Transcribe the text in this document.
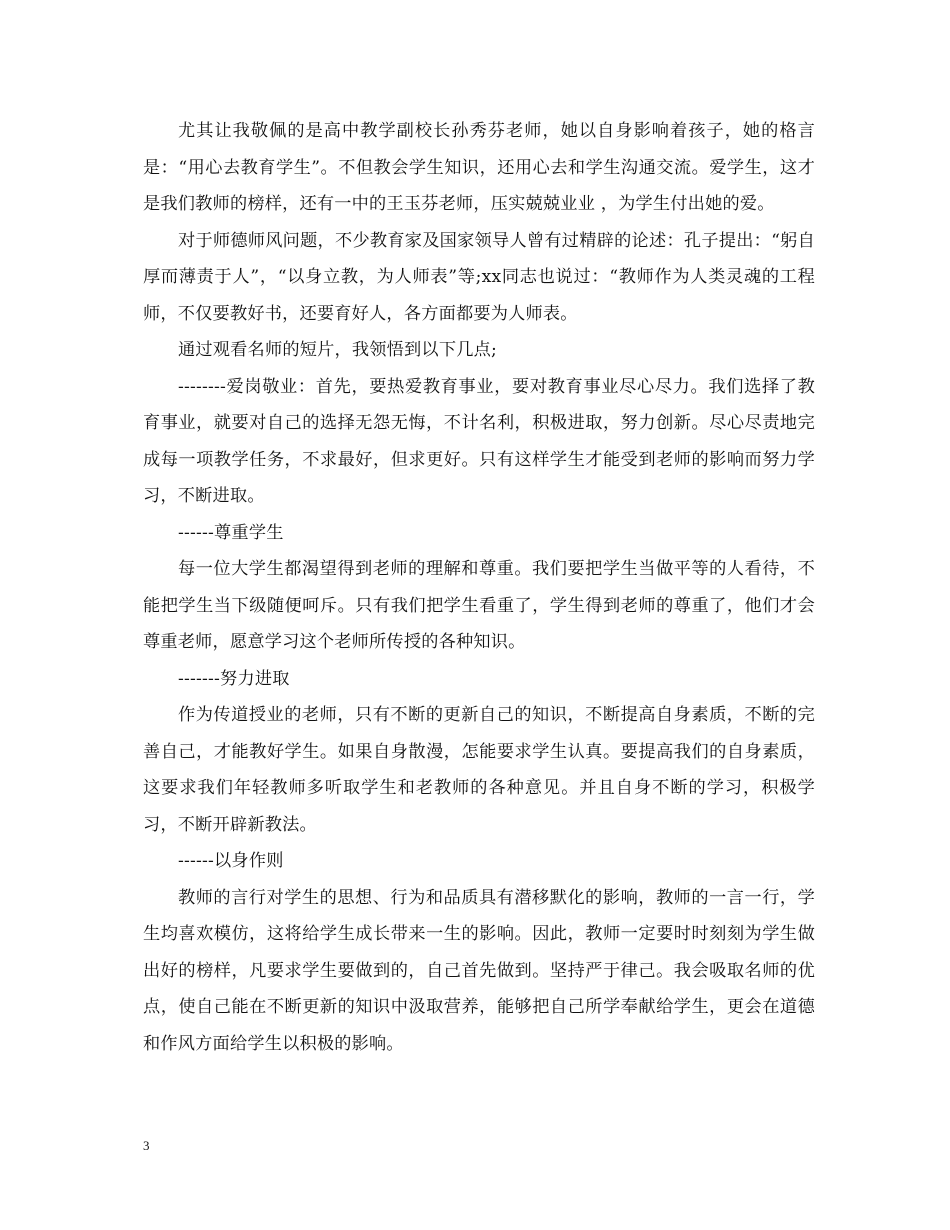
尤其让我敬佩的是高中教学副校长孙秀芬老师，她以自身影响着孩子，她的格言是：“用心去教育学生”。不但教会学生知识，还用心去和学生沟通交流。爱学生，这才是我们教师的榜样，还有一中的王玉芬老师，压实兢兢业业 ，为学生付出她的爱。

对于师德师风问题，不少教育家及国家领导人曾有过精辟的论述：孔子提出：“躬自厚而薄责于人”，“以身立教，为人师表”等;xx同志也说过：“教师作为人类灵魂的工程师，不仅要教好书，还要育好人，各方面都要为人师表。

通过观看名师的短片，我领悟到以下几点;

--------爱岗敬业：首先，要热爱教育事业，要对教育事业尽心尽力。我们选择了教育事业，就要对自己的选择无怨无悔，不计名利，积极进取，努力创新。尽心尽责地完成每一项教学任务，不求最好，但求更好。只有这样学生才能受到老师的影响而努力学习，不断进取。

------尊重学生

每一位大学生都渴望得到老师的理解和尊重。我们要把学生当做平等的人看待，不能把学生当下级随便呵斥。只有我们把学生看重了，学生得到老师的尊重了，他们才会尊重老师，愿意学习这个老师所传授的各种知识。

-------努力进取

作为传道授业的老师，只有不断的更新自己的知识，不断提高自身素质，不断的完善自己，才能教好学生。如果自身散漫，怎能要求学生认真。要提高我们的自身素质，这要求我们年轻教师多听取学生和老教师的各种意见。并且自身不断的学习，积极学习，不断开辟新教法。

------以身作则

教师的言行对学生的思想、行为和品质具有潜移默化的影响，教师的一言一行，学生均喜欢模仿，这将给学生成长带来一生的影响。因此，教师一定要时时刻刻为学生做出好的榜样，凡要求学生要做到的，自己首先做到。坚持严于律己。我会吸取名师的优点，使自己能在不断更新的知识中汲取营养，能够把自己所学奉献给学生，更会在道德和作风方面给学生以积极的影响。

3
